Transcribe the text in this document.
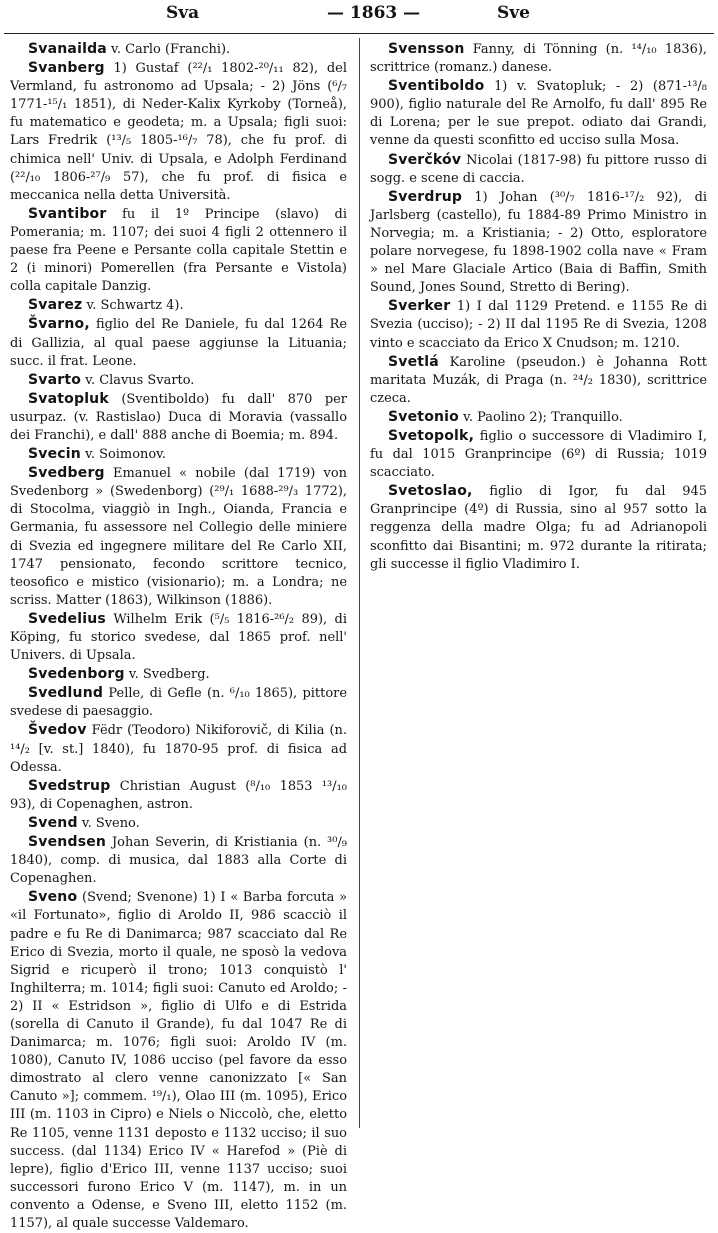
Sva	— 1863 —	Sve

Svanailda v. Carlo (Franchi).

Svanberg 1) Gustaf (²²/₁ 1802-²⁰/₁₁ 82), del Vermland, fu astronomo ad Upsala; - 2) Jöns (⁶/₇ 1771-¹⁵/₁ 1851), di Neder-Kalix Kyrkoby (Torneå), fu matematico e geodeta; m. a Upsala; figli suoi: Lars Fredrik (¹³/₅ 1805-¹⁶/₇ 78), che fu prof. di chimica nell' Univ. di Upsala, e Adolph Ferdinand (²²/₁₀ 1806-²⁷/₉ 57), che fu prof. di fisica e meccanica nella detta Università.

Svantibor fu il 1º Principe (slavo) di Pomerania; m. 1107; dei suoi 4 figli 2 ottennero il paese fra Peene e Persante colla capitale Stettin e 2 (i minori) Pomerellen (fra Persante e Vistola) colla capitale Danzig.

Svarez v. Schwartz 4).

Švarno, figlio del Re Daniele, fu dal 1264 Re di Gallizia, al qual paese aggiunse la Lituania; succ. il frat. Leone.

Svarto v. Clavus Svarto.

Svatopluk (Sventiboldo) fu dall' 870 per usurpaz. (v. Rastislao) Duca di Moravia (vassallo dei Franchi), e dall' 888 anche di Boemia; m. 894.

Svecin v. Soimonov.

Svedberg Emanuel « nobile (dal 1719) von Svedenborg » (Swedenborg) (²⁹/₁ 1688-²⁹/₃ 1772), di Stocolma, viaggiò in Ingh., Oianda, Francia e Germania, fu assessore nel Collegio delle miniere di Svezia ed ingegnere militare del Re Carlo XII, 1747 pensionato, fecondo scrittore tecnico, teosofico e mistico (visionario); m. a Londra; ne scriss. Matter (1863), Wilkinson (1886).

Svedelius Wilhelm Erik (⁵/₅ 1816-²⁶/₂ 89), di Köping, fu storico svedese, dal 1865 prof. nell' Univers. di Upsala.

Svedenborg v. Svedberg.

Svedlund Pelle, di Gefle (n. ⁶/₁₀ 1865), pittore svedese di paesaggio.

Švedov Fëdr (Teodoro) Nikiforovič, di Kilia (n. ¹⁴/₂ [v. st.] 1840), fu 1870-95 prof. di fisica ad Odessa.

Svedstrup Christian August (⁸/₁₀ 1853 ¹³/₁₀ 93), di Copenaghen, astron.

Svend v. Sveno.

Svendsen Johan Severin, di Kristiania (n. ³⁰/₉ 1840), comp. di musica, dal 1883 alla Corte di Copenaghen.

Sveno (Svend; Svenone) 1) I « Barba forcuta » «il Fortunato», figlio di Aroldo II, 986 scacciò il padre e fu Re di Danimarca; 987 scacciato dal Re Erico di Svezia, morto il quale, ne sposò la vedova Sigrid e ricuperò il trono; 1013 conquistò l' Inghilterra; m. 1014; figli suoi: Canuto ed Aroldo; - 2) II « Estridson », figlio di Ulfo e di Estrida (sorella di Canuto il Grande), fu dal 1047 Re di Danimarca; m. 1076; figli suoi: Aroldo IV (m. 1080), Canuto IV, 1086 ucciso (pel favore da esso dimostrato al clero venne canonizzato [« San Canuto »]; commem. ¹⁹/₁), Olao III (m. 1095), Erico III (m. 1103 in Cipro) e Niels o Niccolò, che, eletto Re 1105, venne 1131 deposto e 1132 ucciso; il suo success. (dal 1134) Erico IV « Harefod » (Piè di lepre), figlio d'Erico III, venne 1137 ucciso; suoi successori furono Erico V (m. 1147), m. in un convento a Odense, e Sveno III, eletto 1152 (m. 1157), al quale successe Valdemaro.

Svensson Fanny, di Tönning (n. ¹⁴/₁₀ 1836), scrittrice (romanz.) danese.

Sventiboldo 1) v. Svatopluk; - 2) (871-¹³/₈ 900), figlio naturale del Re Arnolfo, fu dall' 895 Re di Lorena; per le sue prepot. odiato dai Grandi, venne da questi sconfitto ed ucciso sulla Mosa.

Sverčkóv Nicolai (1817-98) fu pittore russo di sogg. e scene di caccia.

Sverdrup 1) Johan (³⁰/₇ 1816-¹⁷/₂ 92), di Jarlsberg (castello), fu 1884-89 Primo Ministro in Norvegia; m. a Kristiania; - 2) Otto, esploratore polare norvegese, fu 1898-1902 colla nave « Fram » nel Mare Glaciale Artico (Baia di Baffin, Smith Sound, Jones Sound, Stretto di Bering).

Sverker 1) I dal 1129 Pretend. e 1155 Re di Svezia (ucciso); - 2) II dal 1195 Re di Svezia, 1208 vinto e scacciato da Erico X Cnudson; m. 1210.

Svetlá Karoline (pseudon.) è Johanna Rott maritata Muzák, di Praga (n. ²⁴/₂ 1830), scrittrice czeca.

Svetonio v. Paolino 2); Tranquillo.

Svetopolk, figlio o successore di Vladimiro I, fu dal 1015 Granprincipe (6º) di Russia; 1019 scacciato.

Svetoslao, figlio di Igor, fu dal 945 Granprincipe (4º) di Russia, sino al 957 sotto la reggenza della madre Olga; fu ad Adrianopoli sconfitto dai Bisantini; m. 972 durante la ritirata; gli successe il figlio Vladimiro I.
